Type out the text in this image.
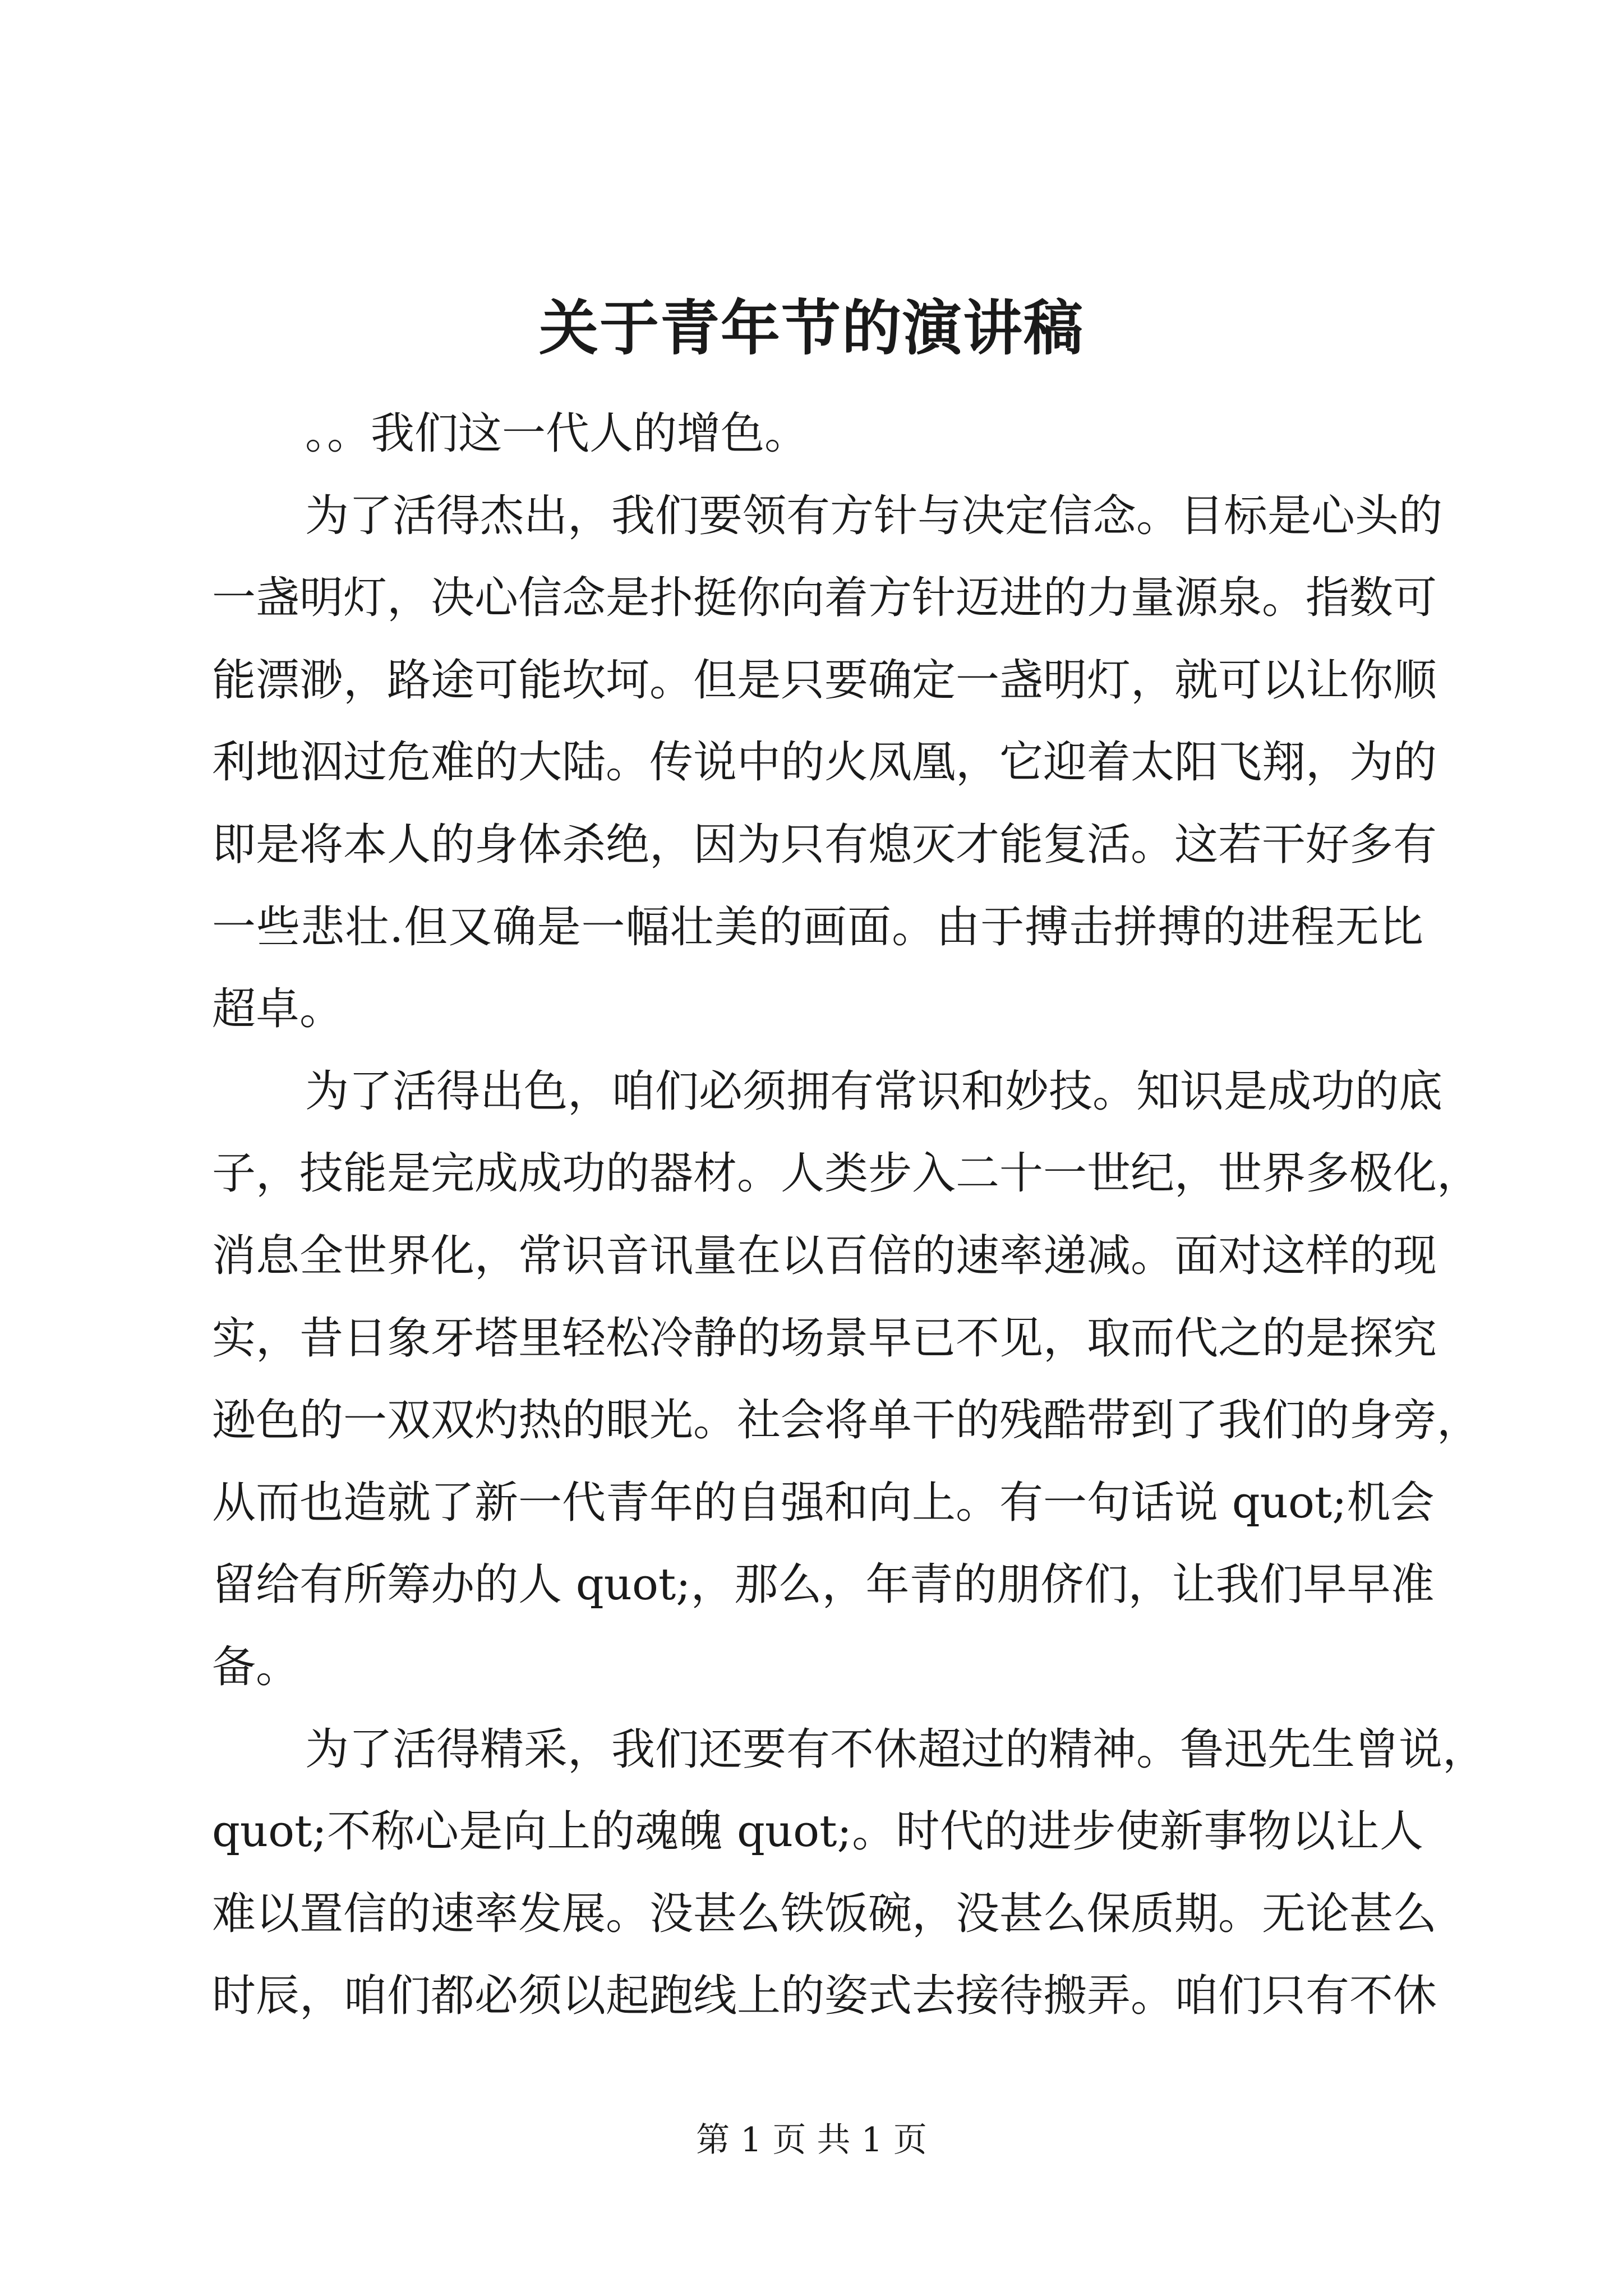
关于青年节的演讲稿
。。我们这一代人的增色。
为了活得杰出，我们要领有方针与决定信念。目标是心头的
一盏明灯，决心信念是扑挺你向着方针迈进的力量源泉。指数可
能漂渺，路途可能坎坷。但是只要确定一盏明灯，就可以让你顺
利地泅过危难的大陆。传说中的火凤凰，它迎着太阳飞翔，为的
即是将本人的身体杀绝，因为只有熄灭才能复活。这若干好多有
一些悲壮.但又确是一幅壮美的画面。由于搏击拼搏的进程无比
超卓。
为了活得出色，咱们必须拥有常识和妙技。知识是成功的底
子，技能是完成成功的器材。人类步入二十一世纪，世界多极化，
消息全世界化，常识音讯量在以百倍的速率递减。面对这样的现
实，昔日象牙塔里轻松冷静的场景早已不见，取而代之的是探究
逊色的一双双灼热的眼光。社会将单干的残酷带到了我们的身旁，
从而也造就了新一代青年的自强和向上。有一句话说 quot;机会
留给有所筹办的人 quot;，那么，年青的朋侪们，让我们早早准
备。
为了活得精采，我们还要有不休超过的精神。鲁迅先生曾说，
quot;不称心是向上的魂魄 quot;。时代的进步使新事物以让人
难以置信的速率发展。没甚么铁饭碗，没甚么保质期。无论甚么
时辰，咱们都必须以起跑线上的姿式去接待搬弄。咱们只有不休
第 1 页 共 1 页
